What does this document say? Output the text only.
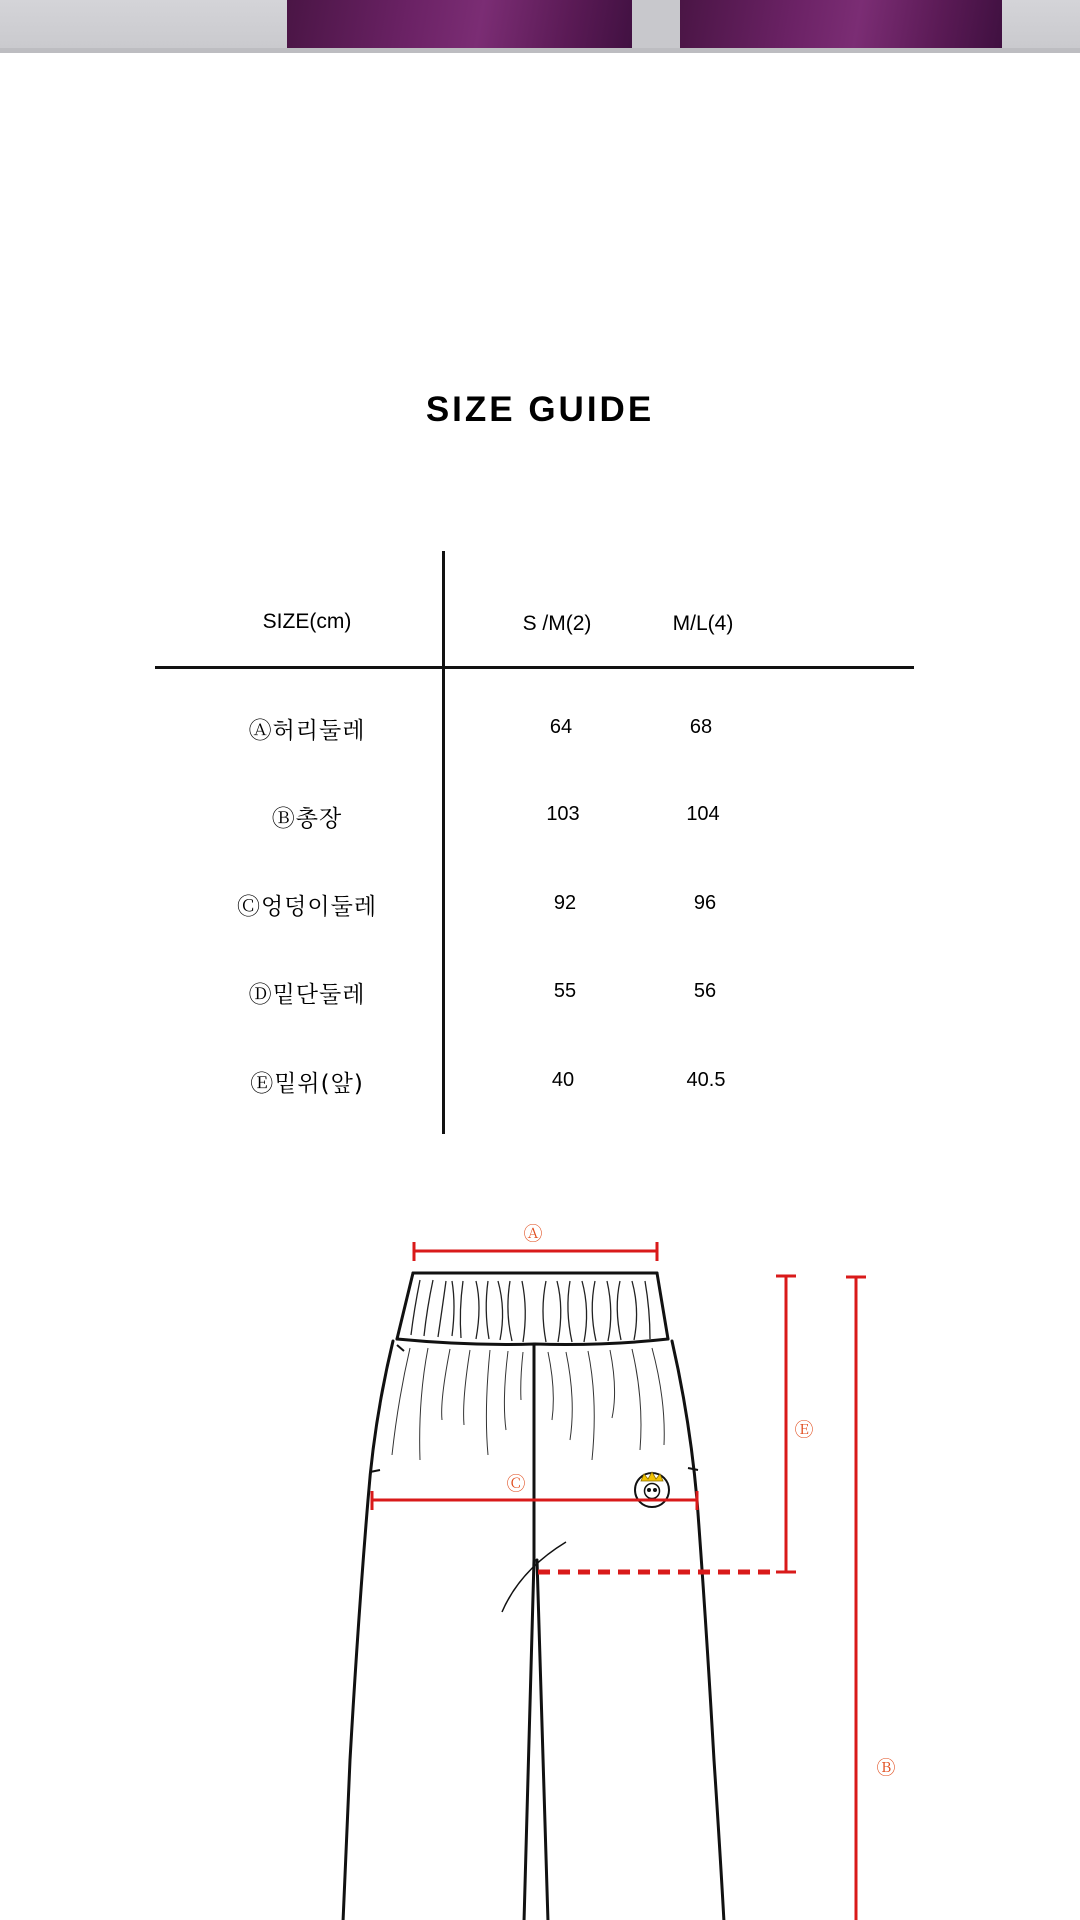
SIZE GUIDE
SIZE(cm)	S /M(2)	M/L(4)
Ⓐ허리둘레	64	68
Ⓑ총장	103	104
Ⓒ엉덩이둘레	92	96
Ⓓ밑단둘레	55	56
Ⓔ밑위(앞)	40	40.5
Ⓐ
Ⓒ
Ⓔ
Ⓑ
